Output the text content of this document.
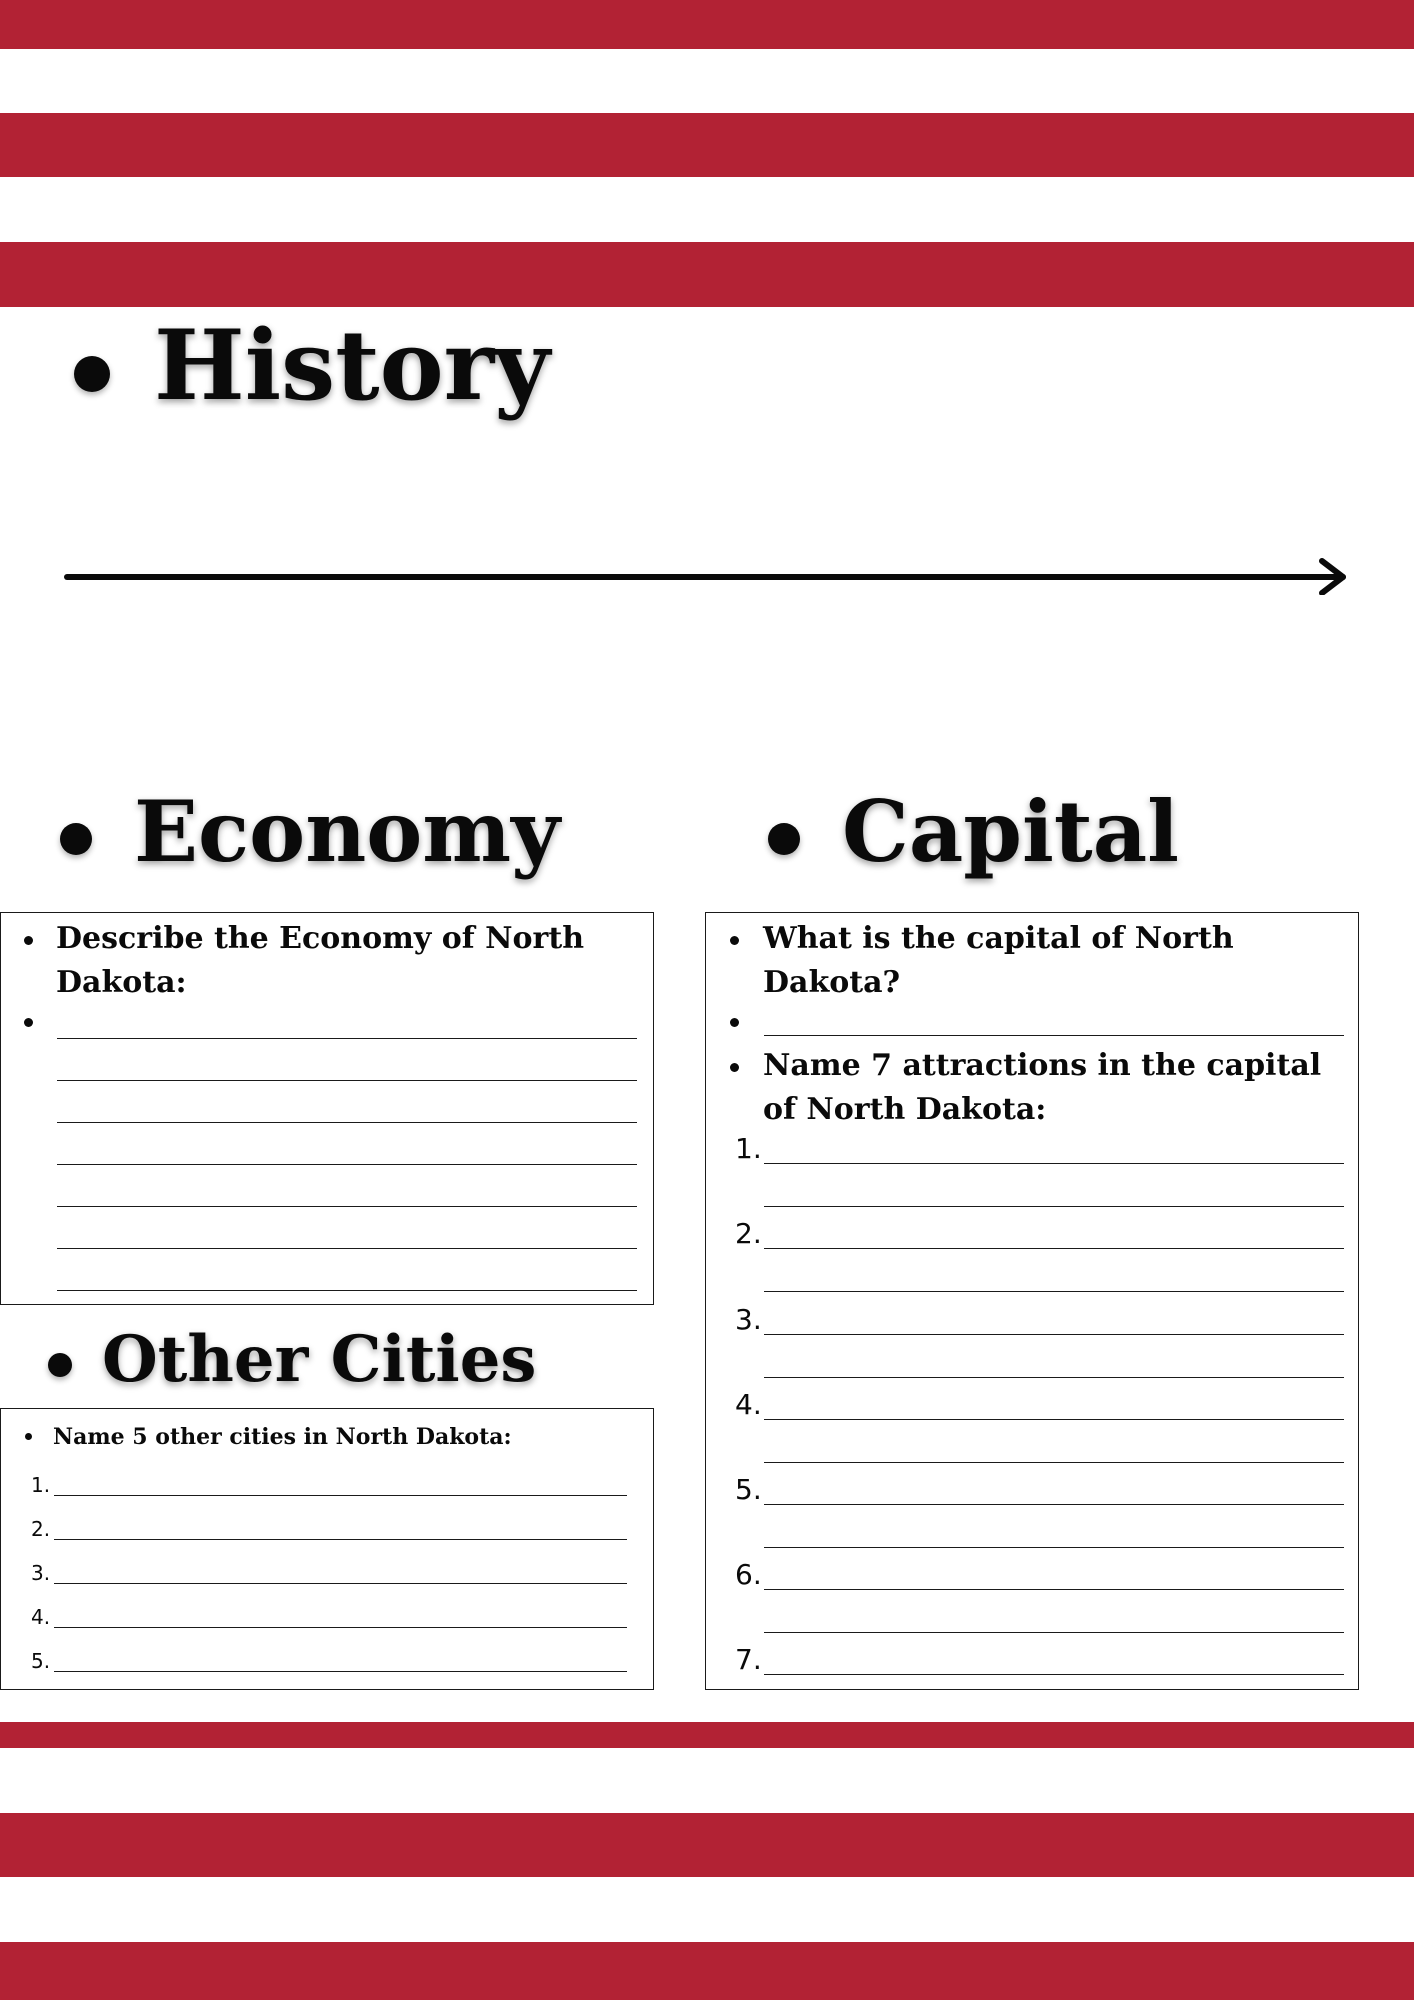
History
Economy	Capital

Describe the Economy of North Dakota:

Other Cities

Name 5 other cities in North Dakota:

1.
2.
3.
4.
5.

What is the capital of North Dakota?

Name 7 attractions in the capital of North Dakota:

1.
2.
3.
4.
5.
6.
7.
